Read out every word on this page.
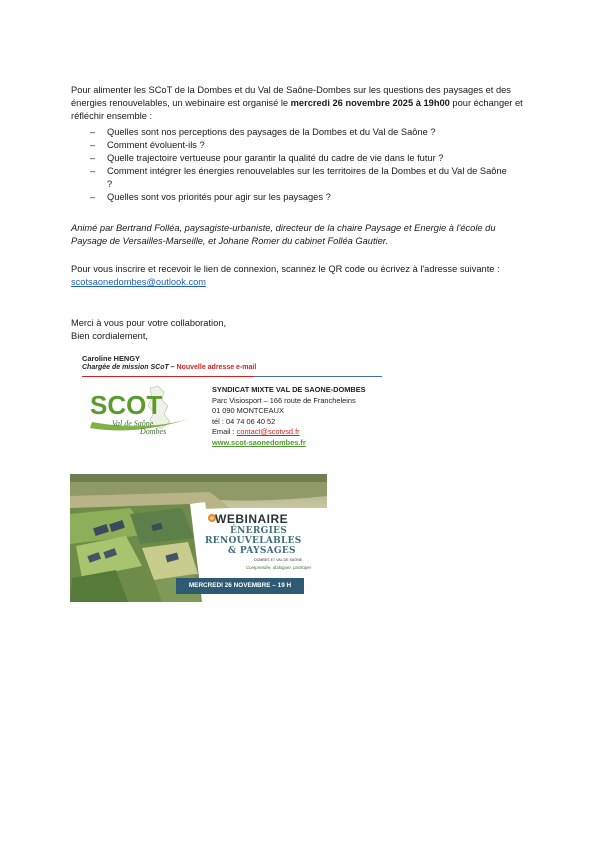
Pour alimenter les SCoT de la Dombes et du Val de Saône-Dombes sur les questions des paysages et des énergies renouvelables, un webinaire est organisé le mercredi 26 novembre 2025 à 19h00 pour échanger et réfléchir ensemble :

– Quelles sont nos perceptions des paysages de la Dombes et du Val de Saône ?
– Comment évoluent-ils ?
– Quelle trajectoire vertueuse pour garantir la qualité du cadre de vie dans le futur ?
– Comment intégrer les énergies renouvelables sur les territoires de la Dombes et du Val de Saône ?
– Quelles sont vos priorités pour agir sur les paysages ?

Animé par Bertrand Folléa, paysagiste-urbaniste, directeur de la chaire Paysage et Energie à l'école du Paysage de Versailles-Marseille, et Johane Romer du cabinet Folléa Gautier.

Pour vous inscrire et recevoir le lien de connexion, scannez le QR code ou écrivez à l'adresse suivante : scotsaonedombes@outlook.com

Merci à vous pour votre collaboration,
Bien cordialement,
Caroline HENGY
Chargée de mission SCoT – Nouvelle adresse e-mail
SCOT
Val de Saône
Dombes
SYNDICAT MIXTE VAL DE SAONE-DOMBES
Parc Visiosport – 166 route de Francheleins
01 090 MONTCEAUX
tél : 04 74 06 40 52
Email : contact@scotvsd.fr
www.scot-saonedombes.fr
WEBINAIRE
ÉNERGIES
RENOUVELABLES
& PAYSAGES
DOMBES ET VAL DE SAÔNE
Comprendre, dialoguer, participer
MERCREDI 26 NOVEMBRE – 19 H
